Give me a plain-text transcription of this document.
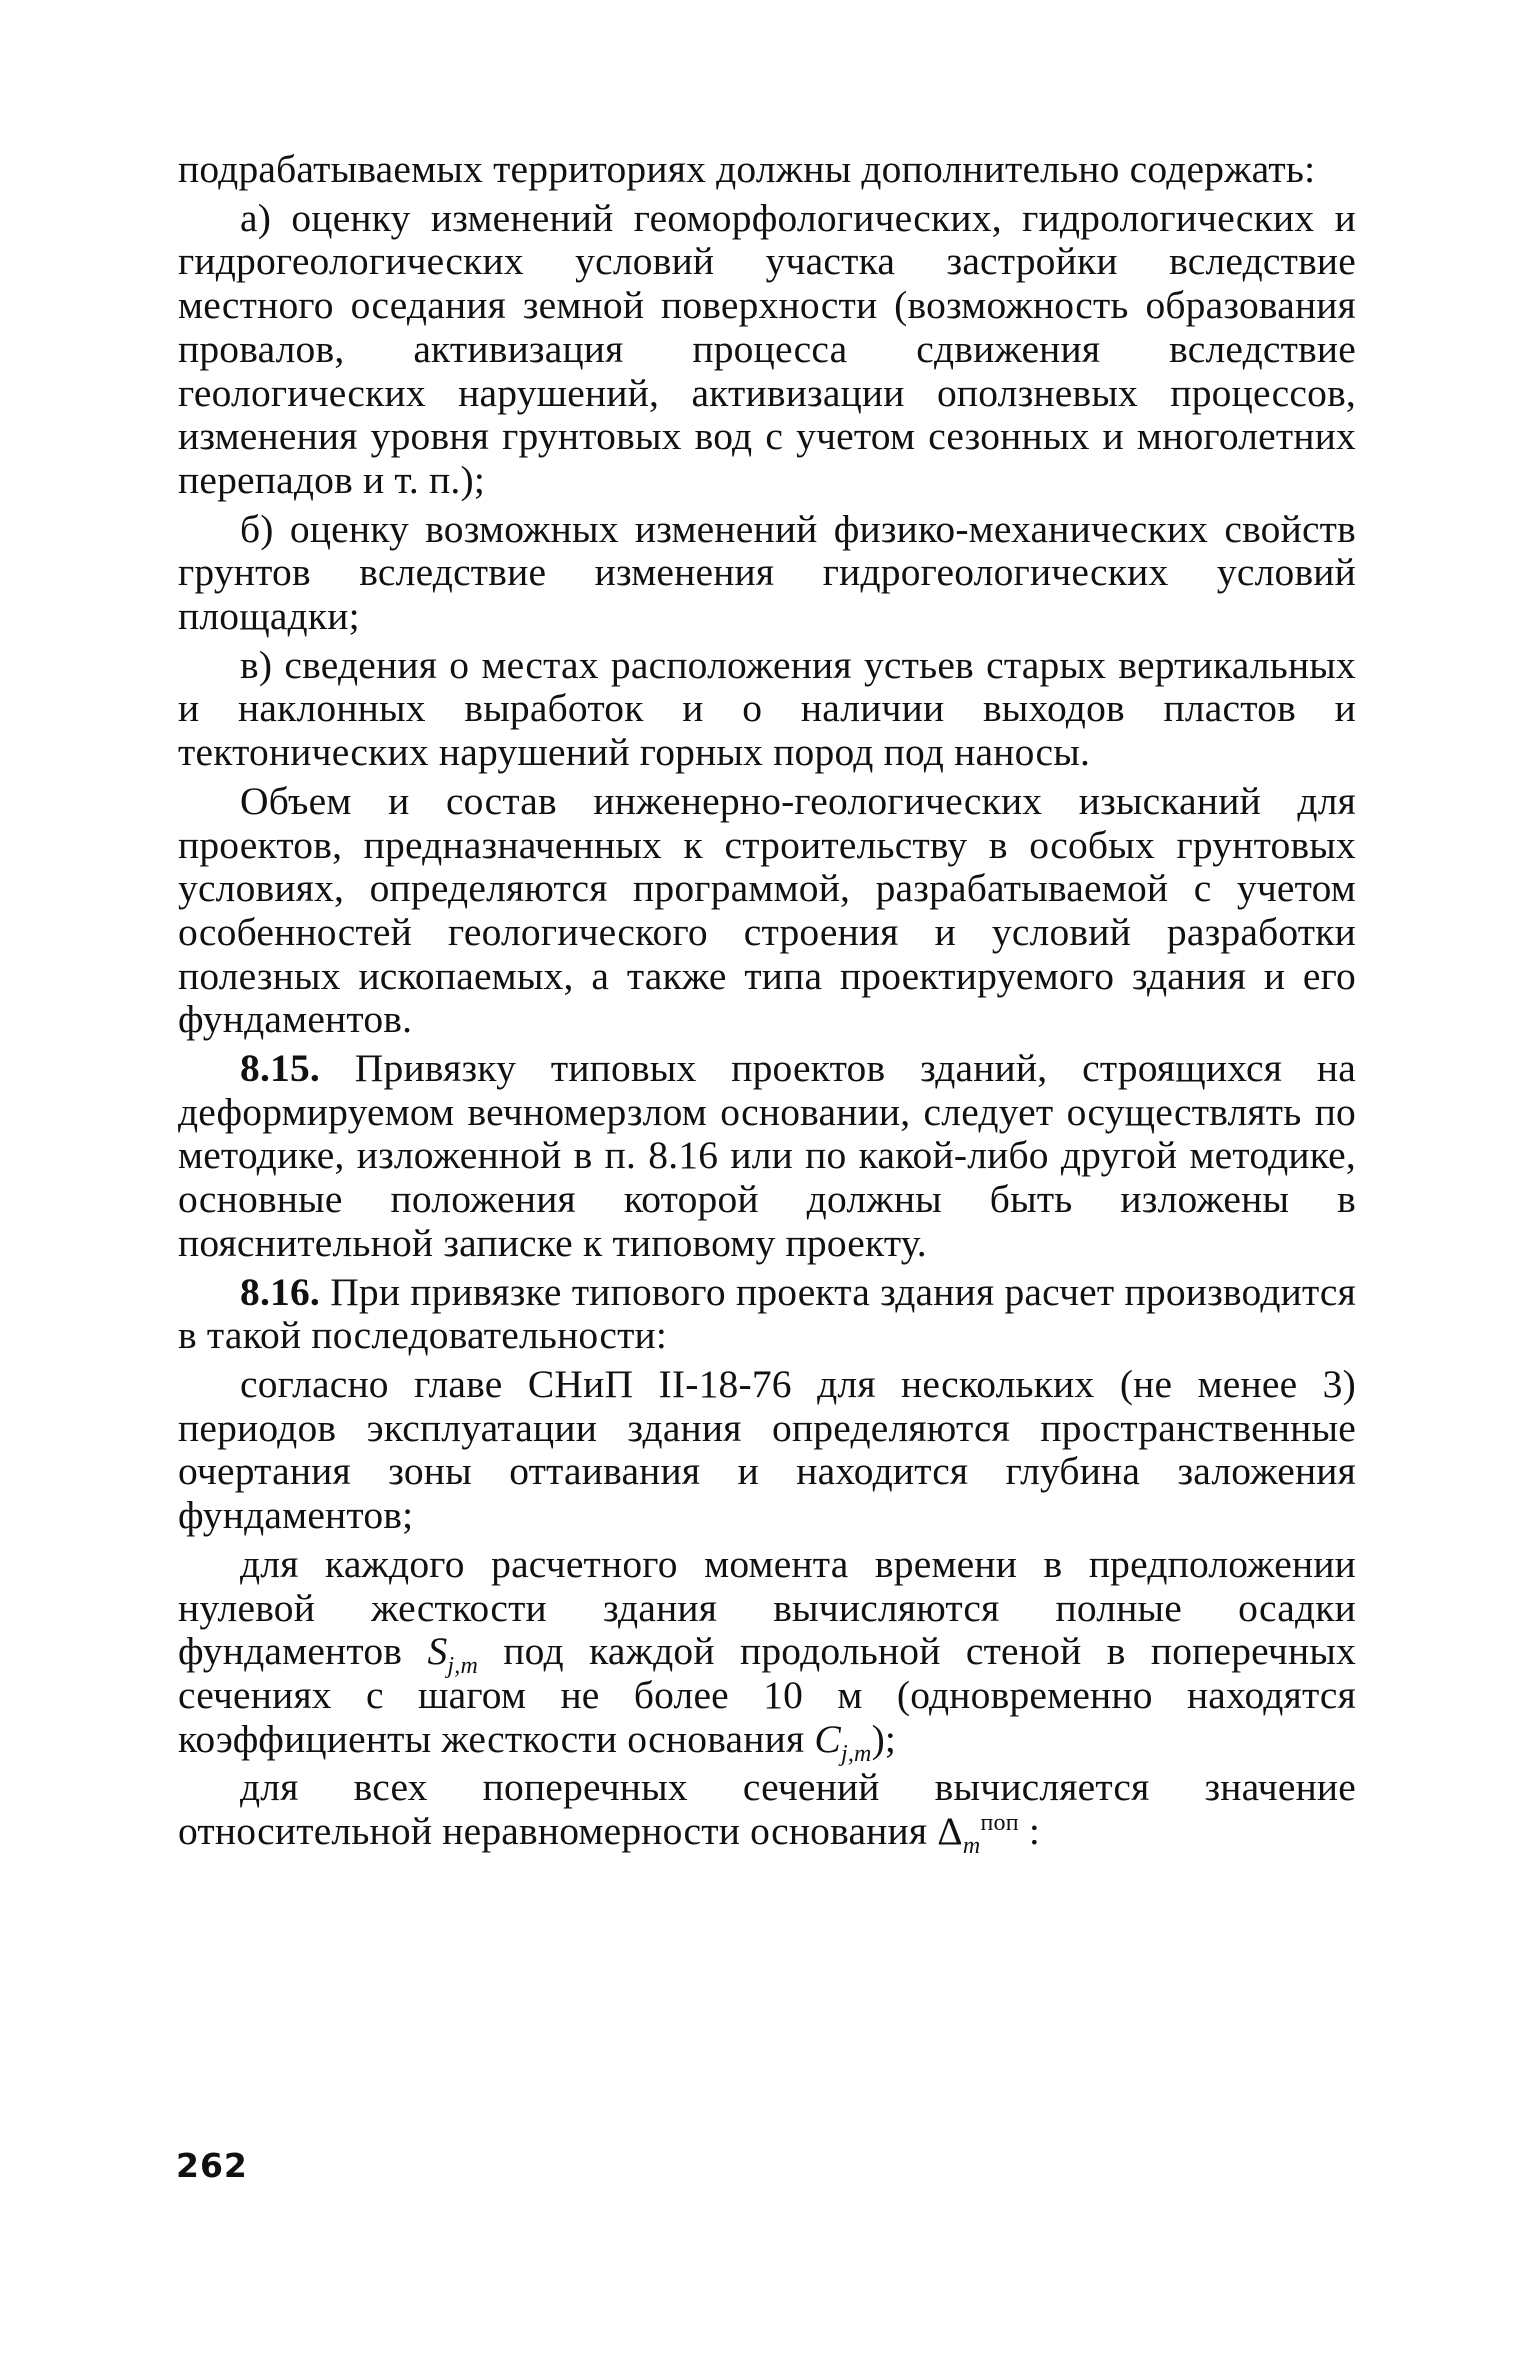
подрабатываемых территориях должны дополнительно содержать:

а) оценку изменений геоморфологических, гидрологических и гидрогеологических условий участка застройки вследствие местного оседания земной поверхности (возможность образования провалов, активизация процесса сдвижения вследствие геологических нарушений, активизации оползневых процессов, изменения уровня грунтовых вод с учетом сезонных и многолетних перепадов и т. п.);

б) оценку возможных изменений физико-механических свойств грунтов вследствие изменения гидрогеологических условий площадки;

в) сведения о местах расположения устьев старых вертикальных и наклонных выработок и о наличии выходов пластов и тектонических нарушений горных пород под наносы.

Объем и состав инженерно-геологических изысканий для проектов, предназначенных к строительству в особых грунтовых условиях, определяются программой, разрабатываемой с учетом особенностей геологического строения и условий разработки полезных ископаемых, а также типа проектируемого здания и его фундаментов.

8.15. Привязку типовых проектов зданий, строящихся на деформируемом вечномерзлом основании, следует осуществлять по методике, изложенной в п. 8.16 или по какой-либо другой методике, основные положения которой должны быть изложены в пояснительной записке к типовому проекту.

8.16. При привязке типового проекта здания расчет производится в такой последовательности:

согласно главе СНиП II-18-76 для нескольких (не менее 3) периодов эксплуатации здания определяются пространственные очертания зоны оттаивания и находится глубина заложения фундаментов;

для каждого расчетного момента времени в предположении нулевой жесткости здания вычисляются полные осадки фундаментов $S_{j,m}$ под каждой продольной стеной в поперечных сечениях с шагом не более 10 м (одновременно находятся коэффициенты жесткости основания $C_{j,m}$);

для всех поперечных сечений вычисляется значение относительной неравномерности основания $\Delta_m^{поп}$ :

262
